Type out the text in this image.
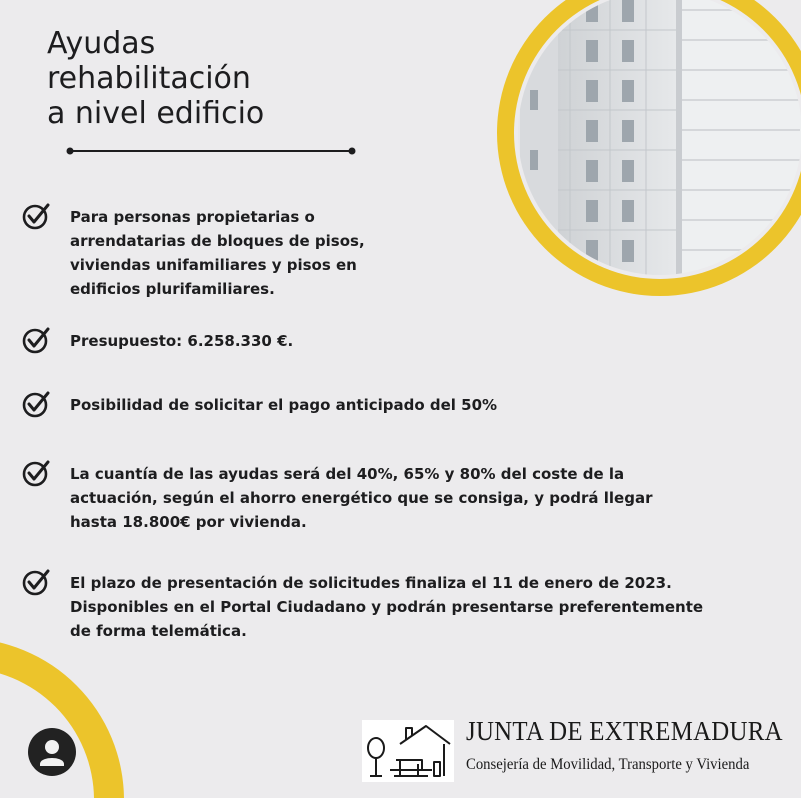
Ayudas
rehabilitación
a nivel edificio
Para personas propietarias o
arrendatarias de bloques de pisos,
viviendas unifamiliares y pisos en
edificios plurifamiliares.
Presupuesto: 6.258.330 €.
Posibilidad de solicitar el pago anticipado del 50%
La cuantía de las ayudas será del 40%, 65% y 80% del coste de la
actuación, según el ahorro energético que se consiga, y podrá llegar
hasta 18.800€ por vivienda.
El plazo de presentación de solicitudes finaliza el 11 de enero de 2023.
Disponibles en el Portal Ciudadano y podrán presentarse preferentemente
de forma telemática.
JUNTA DE EXTREMADURA
Consejería de Movilidad, Transporte y Vivienda
